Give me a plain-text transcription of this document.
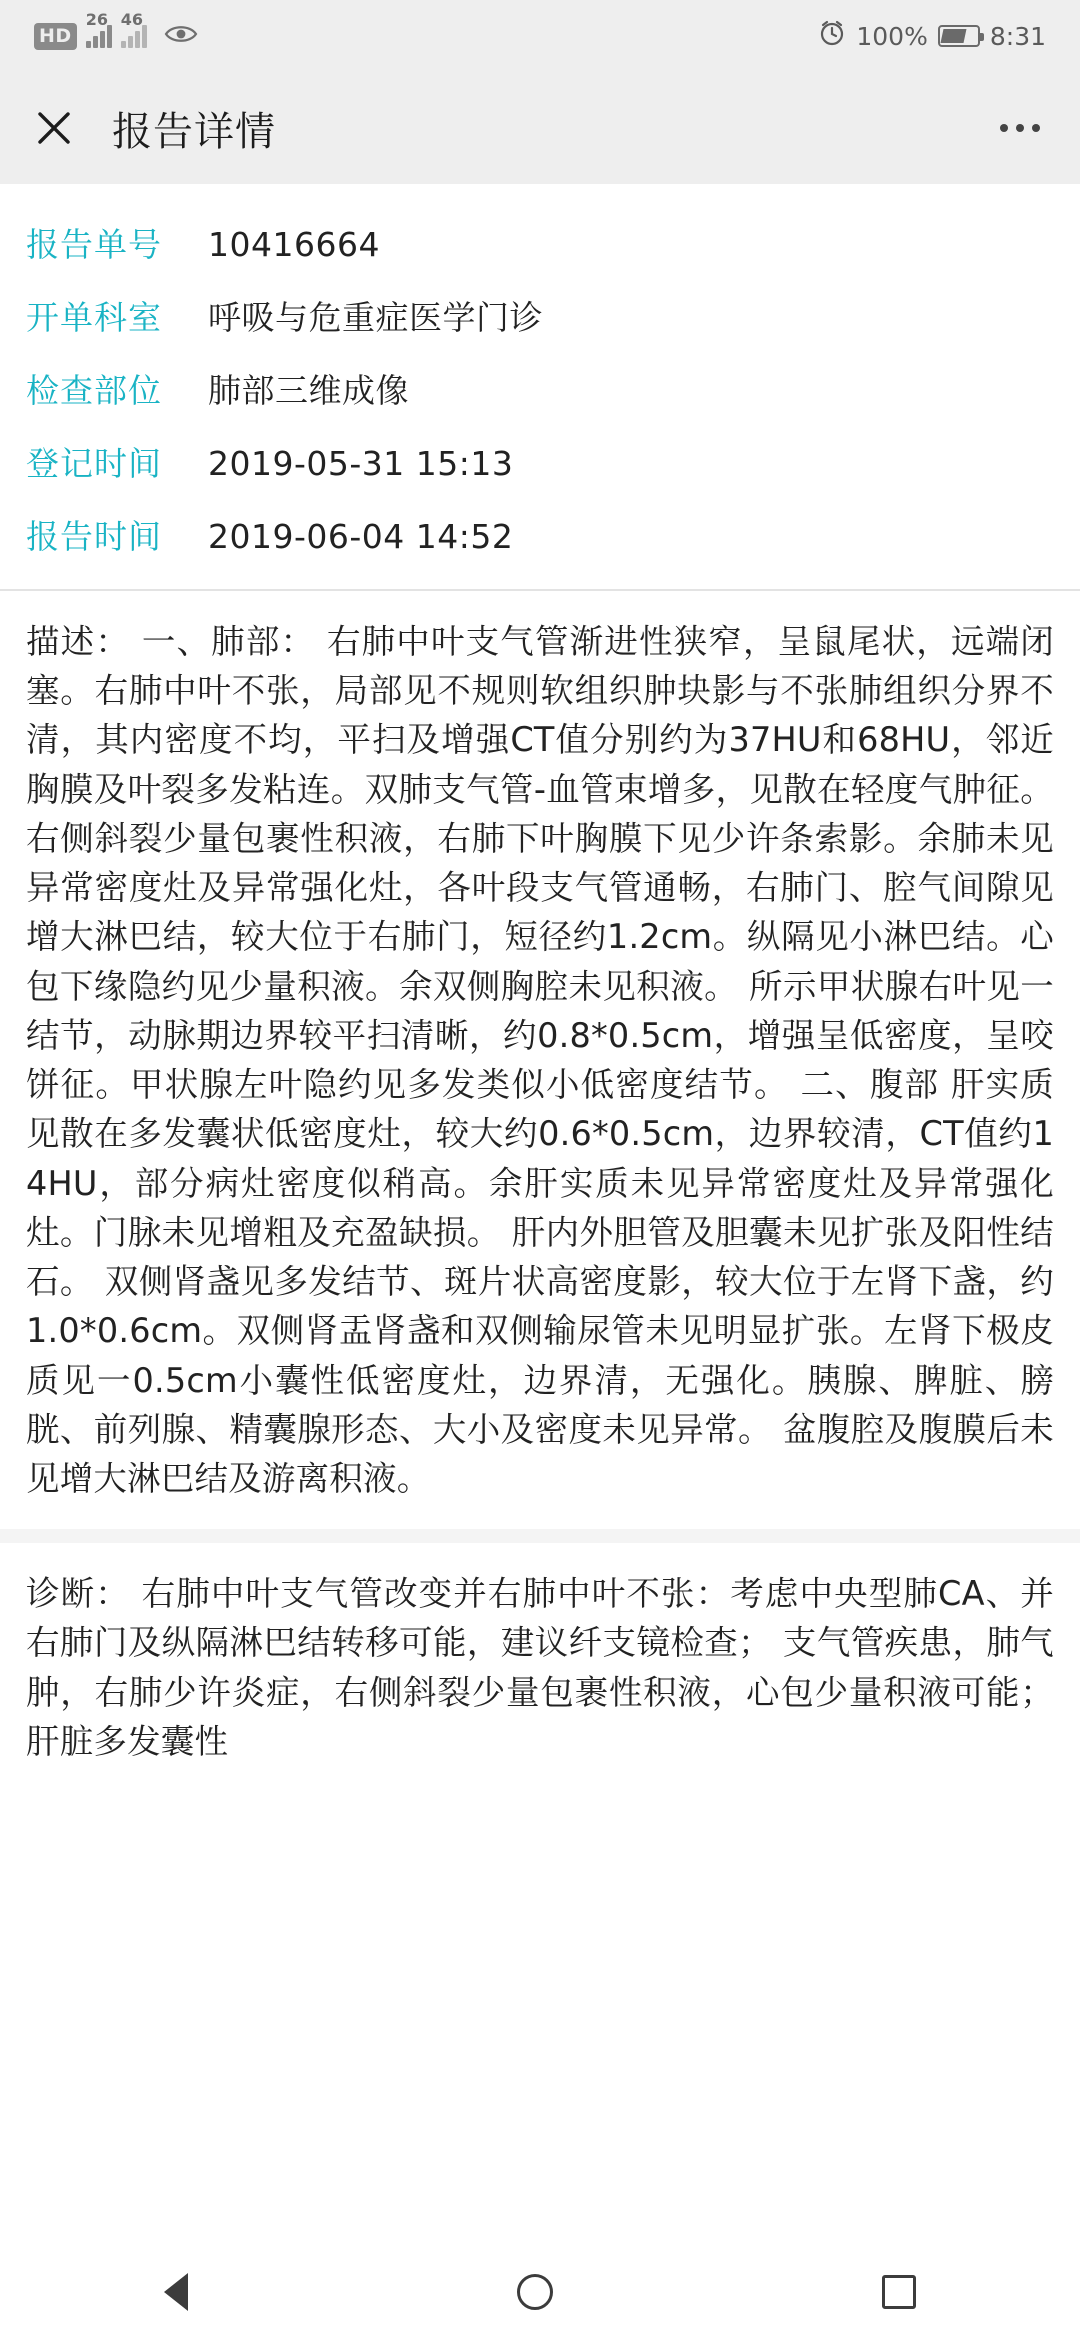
HD
26 46
100% 8:31
报告详情
报告单号	10416664
开单科室	呼吸与危重症医学门诊
检查部位	肺部三维成像
登记时间	2019-05-31 15:13
报告时间	2019-06-04 14:52
描述： 一、肺部： 右肺中叶支气管渐进性狭窄，呈鼠尾状，远端闭塞。右肺中叶不张，局部见不规则软组织肿块影与不张肺组织分界不清，其内密度不均，平扫及增强CT值分别约为37HU和68HU，邻近胸膜及叶裂多发粘连。双肺支气管-血管束增多，见散在轻度气肿征。右侧斜裂少量包裹性积液，右肺下叶胸膜下见少许条索影。余肺未见异常密度灶及异常强化灶，各叶段支气管通畅，右肺门、腔气间隙见增大淋巴结，较大位于右肺门，短径约1.2cm。纵隔见小淋巴结。心包下缘隐约见少量积液。余双侧胸腔未见积液。 所示甲状腺右叶见一结节，动脉期边界较平扫清晰，约0.8*0.5cm，增强呈低密度，呈咬饼征。甲状腺左叶隐约见多发类似小低密度结节。 二、腹部 肝实质见散在多发囊状低密度灶，较大约0.6*0.5cm，边界较清，CT值约14HU，部分病灶密度似稍高。余肝实质未见异常密度灶及异常强化灶。门脉未见增粗及充盈缺损。 肝内外胆管及胆囊未见扩张及阳性结石。 双侧肾盏见多发结节、斑片状高密度影，较大位于左肾下盏，约1.0*0.6cm。双侧肾盂肾盏和双侧输尿管未见明显扩张。左肾下极皮质见一0.5cm小囊性低密度灶，边界清，无强化。胰腺、脾脏、膀胱、前列腺、精囊腺形态、大小及密度未见异常。 盆腹腔及腹膜后未见增大淋巴结及游离积液。
诊断： 右肺中叶支气管改变并右肺中叶不张：考虑中央型肺CA、并右肺门及纵隔淋巴结转移可能，建议纤支镜检查； 支气管疾患，肺气肿，右肺少许炎症，右侧斜裂少量包裹性积液，心包少量积液可能； 肝脏多发囊性
